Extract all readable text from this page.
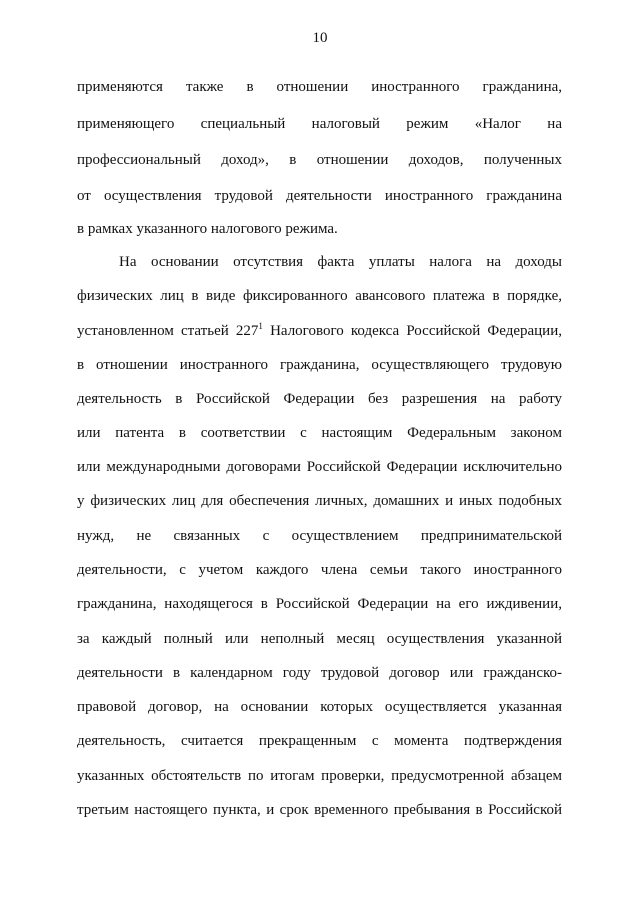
10
применяются также в отношении иностранного гражданина,
применяющего специальный налоговый режим «Налог на
профессиональный доход», в отношении доходов, полученных
от осуществления трудовой деятельности иностранного гражданина
в рамках указанного налогового режима.
На основании отсутствия факта уплаты налога на доходы
физических лиц в виде фиксированного авансового платежа в порядке,
установленном статьей $227^1$ Налогового кодекса Российской Федерации,
в отношении иностранного гражданина, осуществляющего трудовую
деятельность в Российской Федерации без разрешения на работу
или патента в соответствии с настоящим Федеральным законом
или международными договорами Российской Федерации исключительно
у физических лиц для обеспечения личных, домашних и иных подобных
нужд, не связанных с осуществлением предпринимательской
деятельности, с учетом каждого члена семьи такого иностранного
гражданина, находящегося в Российской Федерации на его иждивении,
за каждый полный или неполный месяц осуществления указанной
деятельности в календарном году трудовой договор или гражданско-
правовой договор, на основании которых осуществляется указанная
деятельность, считается прекращенным с момента подтверждения
указанных обстоятельств по итогам проверки, предусмотренной абзацем
третьим настоящего пункта, и срок временного пребывания в Российской
